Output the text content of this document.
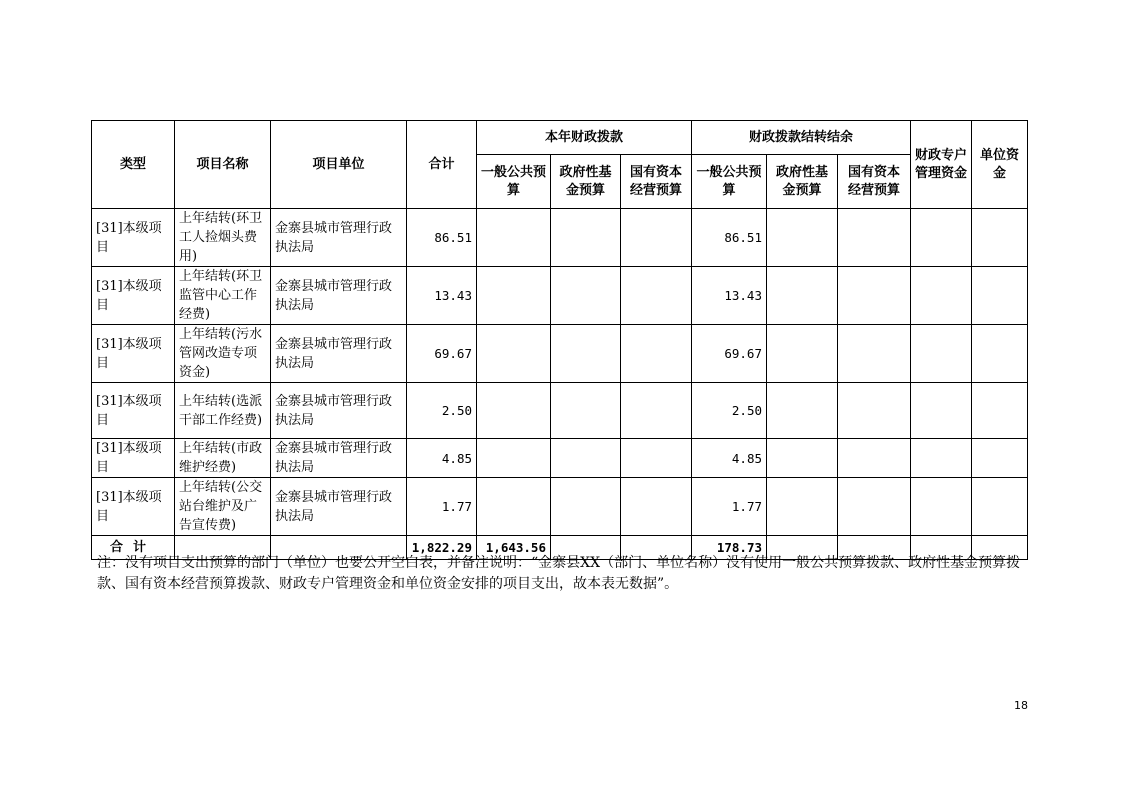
类型	项目名称	项目单位	合计	本年财政拨款			财政拨款结转结余			财政专户管理资金	单位资金
				一般公共预算	政府性基金预算	国有资本经营预算	一般公共预算	政府性基金预算	国有资本经营预算		
[31]本级项目	上年结转(环卫工人捡烟头费用)	金寨县城市管理行政执法局	86.51				86.51				
[31]本级项目	上年结转(环卫监管中心工作经费)	金寨县城市管理行政执法局	13.43				13.43				
[31]本级项目	上年结转(污水管网改造专项资金)	金寨县城市管理行政执法局	69.67				69.67				
[31]本级项目	上年结转(选派干部工作经费)	金寨县城市管理行政执法局	2.50				2.50				
[31]本级项目	上年结转(市政维护经费)	金寨县城市管理行政执法局	4.85				4.85				
[31]本级项目	上年结转(公交站台维护及广告宣传费)	金寨县城市管理行政执法局	1.77				1.77				
合计			1,822.29	1,643.56			178.73				
注：没有项目支出预算的部门（单位）也要公开空白表，并备注说明：“金寨县XX（部门、单位名称）没有使用一般公共预算拨款、政府性基金预算拨款、国有资本经营预算拨款、财政专户管理资金和单位资金安排的项目支出，故本表无数据”。
18
